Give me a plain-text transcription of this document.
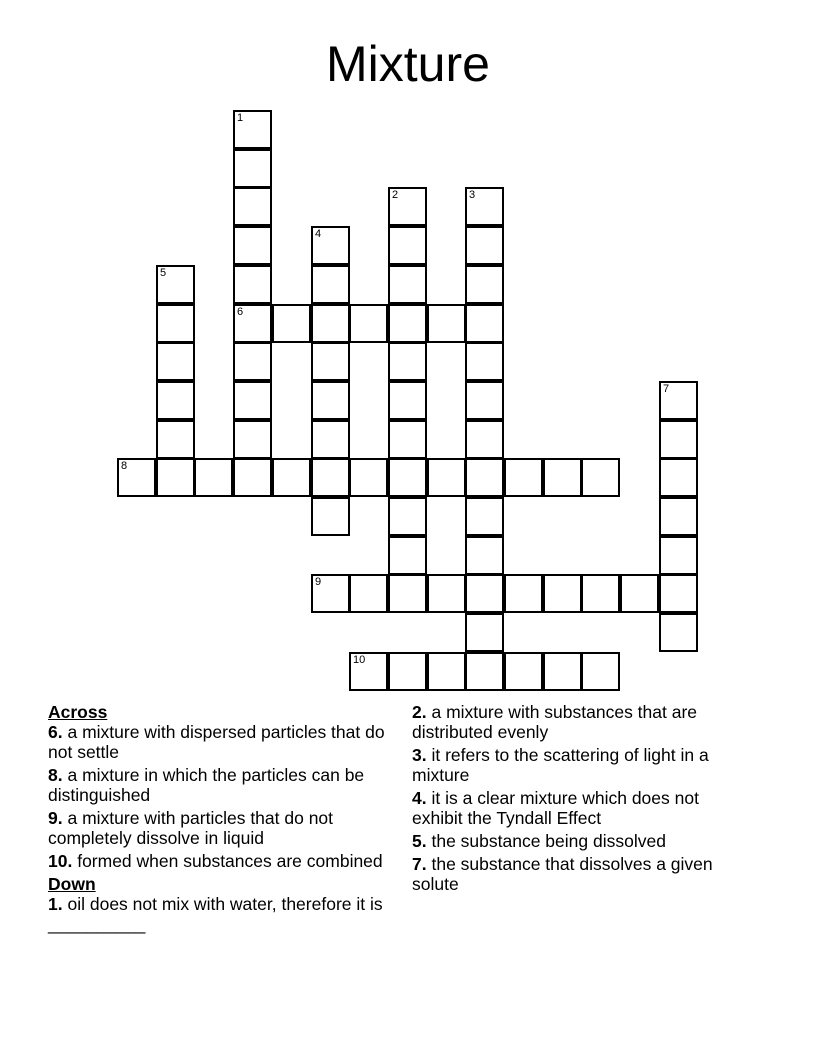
Mixture
1
6
2	3
4
5
7
8
9
10
Across
6. a mixture with dispersed particles that do not settle
8. a mixture in which the particles can be distinguished
9. a mixture with particles that do not completely dissolve in liquid
10. formed when substances are combined
Down
1. oil does not mix with water, therefore it is __________
2. a mixture with substances that are distributed evenly
3. it refers to the scattering of light in a mixture
4. it is a clear mixture which does not exhibit the Tyndall Effect
5. the substance being dissolved
7. the substance that dissolves a given solute
